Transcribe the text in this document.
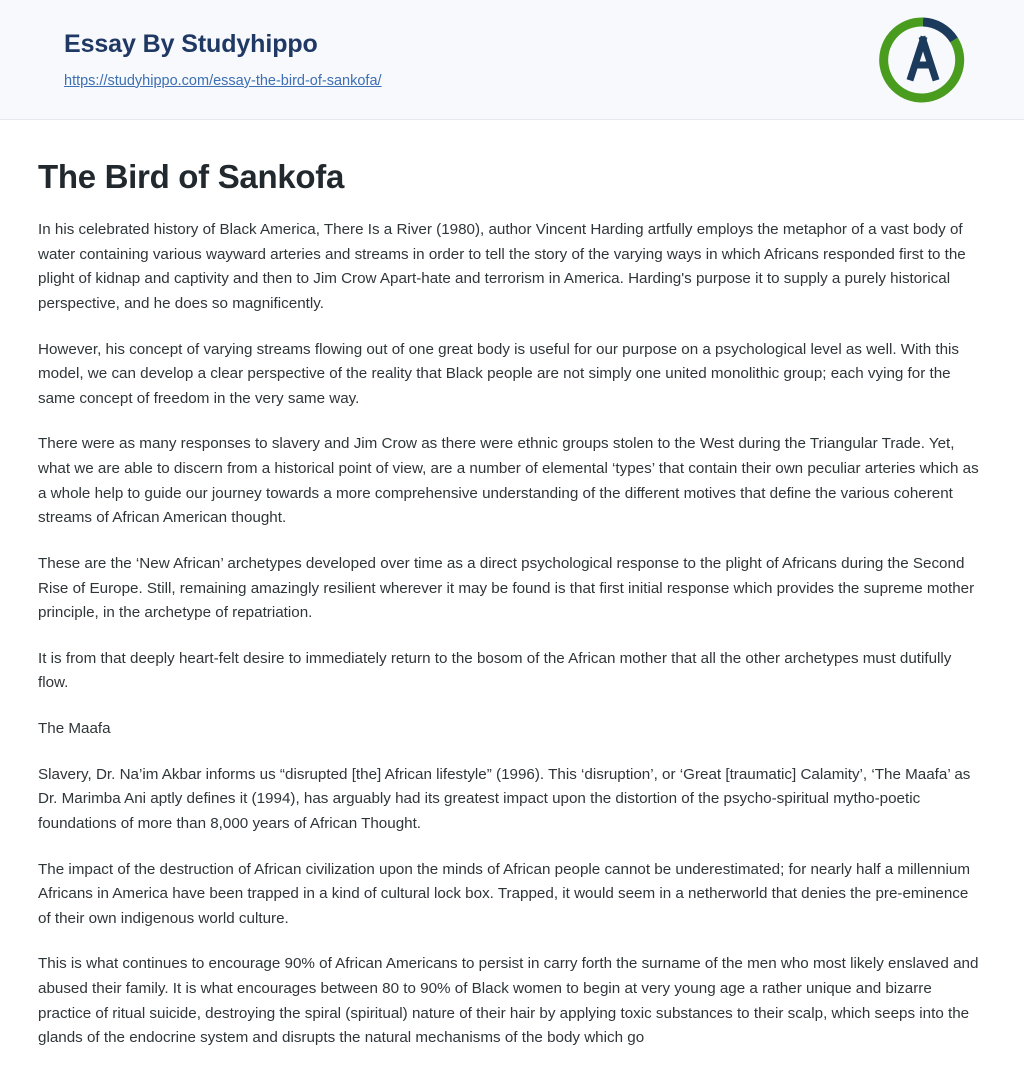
Essay By Studyhippo
https://studyhippo.com/essay-the-bird-of-sankofa/
The Bird of Sankofa

In his celebrated history of Black America, There Is a River (1980), author Vincent Harding artfully employs the metaphor of a vast body of water containing various wayward arteries and streams in order to tell the story of the varying ways in which Africans responded first to the plight of kidnap and captivity and then to Jim Crow Apart-hate and terrorism in America. Harding's purpose it to supply a purely historical perspective, and he does so magnificently.

However, his concept of varying streams flowing out of one great body is useful for our purpose on a psychological level as well. With this model, we can develop a clear perspective of the reality that Black people are not simply one united monolithic group; each vying for the same concept of freedom in the very same way.

There were as many responses to slavery and Jim Crow as there were ethnic groups stolen to the West during the Triangular Trade. Yet, what we are able to discern from a historical point of view, are a number of elemental ‘types’ that contain their own peculiar arteries which as a whole help to guide our journey towards a more comprehensive understanding of the different motives that define the various coherent streams of African American thought.

These are the ‘New African’ archetypes developed over time as a direct psychological response to the plight of Africans during the Second Rise of Europe. Still, remaining amazingly resilient wherever it may be found is that first initial response which provides the supreme mother principle, in the archetype of repatriation.

It is from that deeply heart-felt desire to immediately return to the bosom of the African mother that all the other archetypes must dutifully flow.

The Maafa

Slavery, Dr. Na’im Akbar informs us “disrupted [the] African lifestyle” (1996). This ‘disruption’, or ‘Great [traumatic] Calamity’, ‘The Maafa’ as Dr. Marimba Ani aptly defines it (1994), has arguably had its greatest impact upon the distortion of the psycho-spiritual mytho-poetic foundations of more than 8,000 years of African Thought.

The impact of the destruction of African civilization upon the minds of African people cannot be underestimated; for nearly half a millennium Africans in America have been trapped in a kind of cultural lock box. Trapped, it would seem in a netherworld that denies the pre-eminence of their own indigenous world culture.

This is what continues to encourage 90% of African Americans to persist in carry forth the surname of the men who most likely enslaved and abused their family. It is what encourages between 80 to 90% of Black women to begin at very young age a rather unique and bizarre practice of ritual suicide, destroying the spiral (spiritual) nature of their hair by applying toxic substances to their scalp, which seeps into the glands of the endocrine system and disrupts the natural mechanisms of the body which go
